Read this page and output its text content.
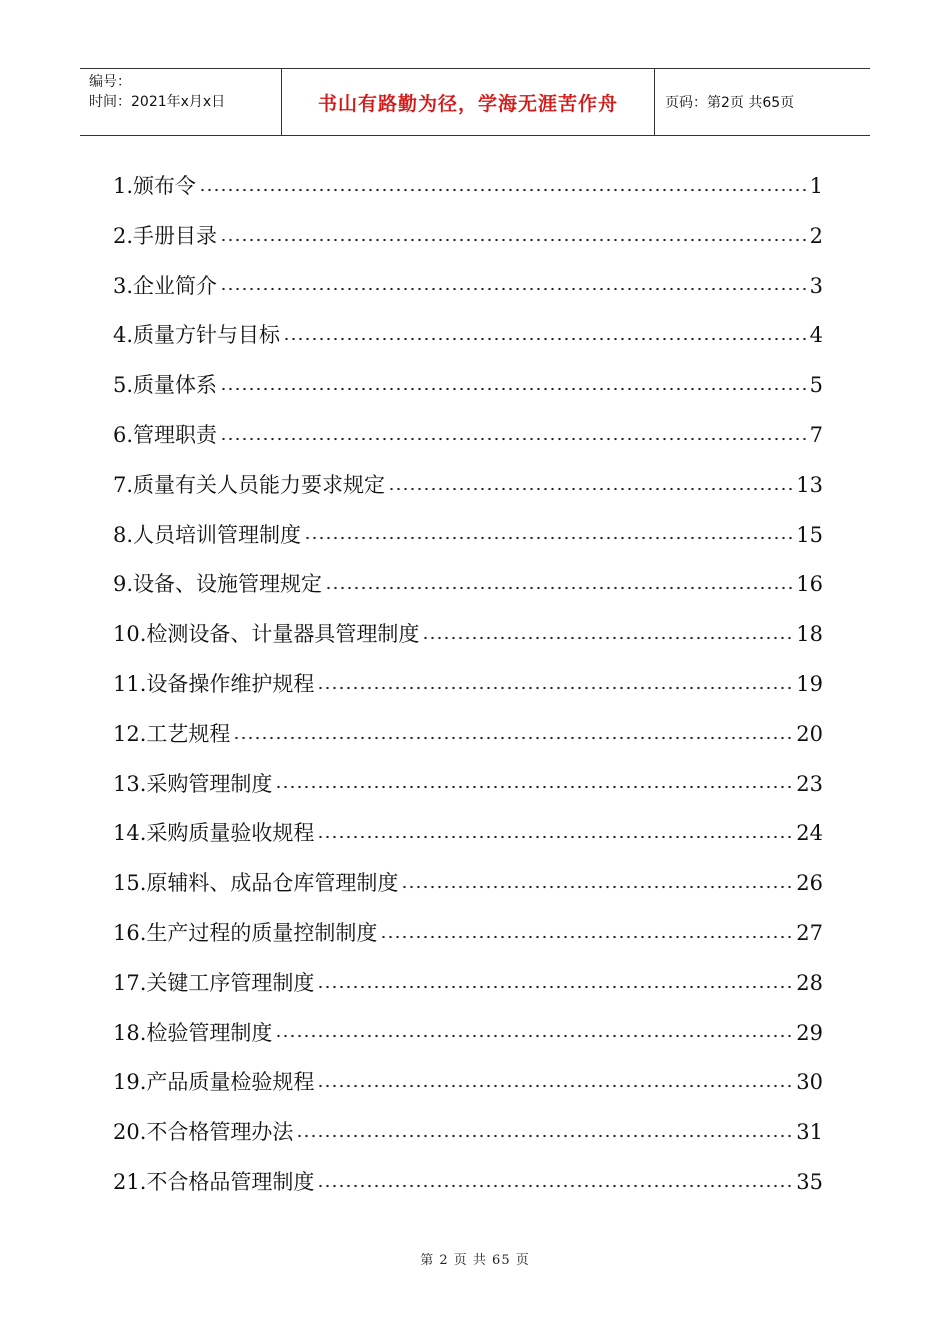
编号：
时间：2021年x月x日	书山有路勤为径，学海无涯苦作舟	页码：第2页 共65页
1.颁布令	1
2.手册目录	2
3.企业简介	3
4.质量方针与目标	4
5.质量体系	5
6.管理职责	7
7.质量有关人员能力要求规定	13
8.人员培训管理制度	15
9.设备、设施管理规定	16
10.检测设备、计量器具管理制度	18
11.设备操作维护规程	19
12.工艺规程	20
13.采购管理制度	23
14.采购质量验收规程	24
15.原辅料、成品仓库管理制度	26
16.生产过程的质量控制制度	27
17.关键工序管理制度	28
18.检验管理制度	29
19.产品质量检验规程	30
20.不合格管理办法	31
21.不合格品管理制度	35
第 2 页 共 65 页
